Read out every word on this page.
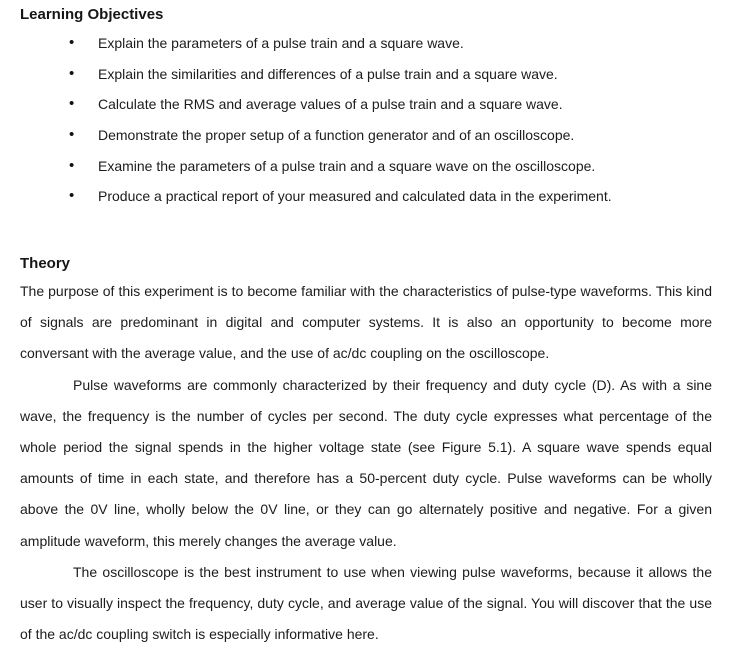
Learning Objectives
• Explain the parameters of a pulse train and a square wave.
• Explain the similarities and differences of a pulse train and a square wave.
• Calculate the RMS and average values of a pulse train and a square wave.
• Demonstrate the proper setup of a function generator and of an oscilloscope.
• Examine the parameters of a pulse train and a square wave on the oscilloscope.
• Produce a practical report of your measured and calculated data in the experiment.
Theory

The purpose of this experiment is to become familiar with the characteristics of pulse-type waveforms. This kind of signals are predominant in digital and computer systems. It is also an opportunity to become more conversant with the average value, and the use of ac/dc coupling on the oscilloscope.

Pulse waveforms are commonly characterized by their frequency and duty cycle (D). As with a sine wave, the frequency is the number of cycles per second. The duty cycle expresses what percentage of the whole period the signal spends in the higher voltage state (see Figure 5.1). A square wave spends equal amounts of time in each state, and therefore has a 50-percent duty cycle. Pulse waveforms can be wholly above the 0V line, wholly below the 0V line, or they can go alternately positive and negative. For a given amplitude waveform, this merely changes the average value.

The oscilloscope is the best instrument to use when viewing pulse waveforms, because it allows the user to visually inspect the frequency, duty cycle, and average value of the signal. You will discover that the use of the ac/dc coupling switch is especially informative here.
